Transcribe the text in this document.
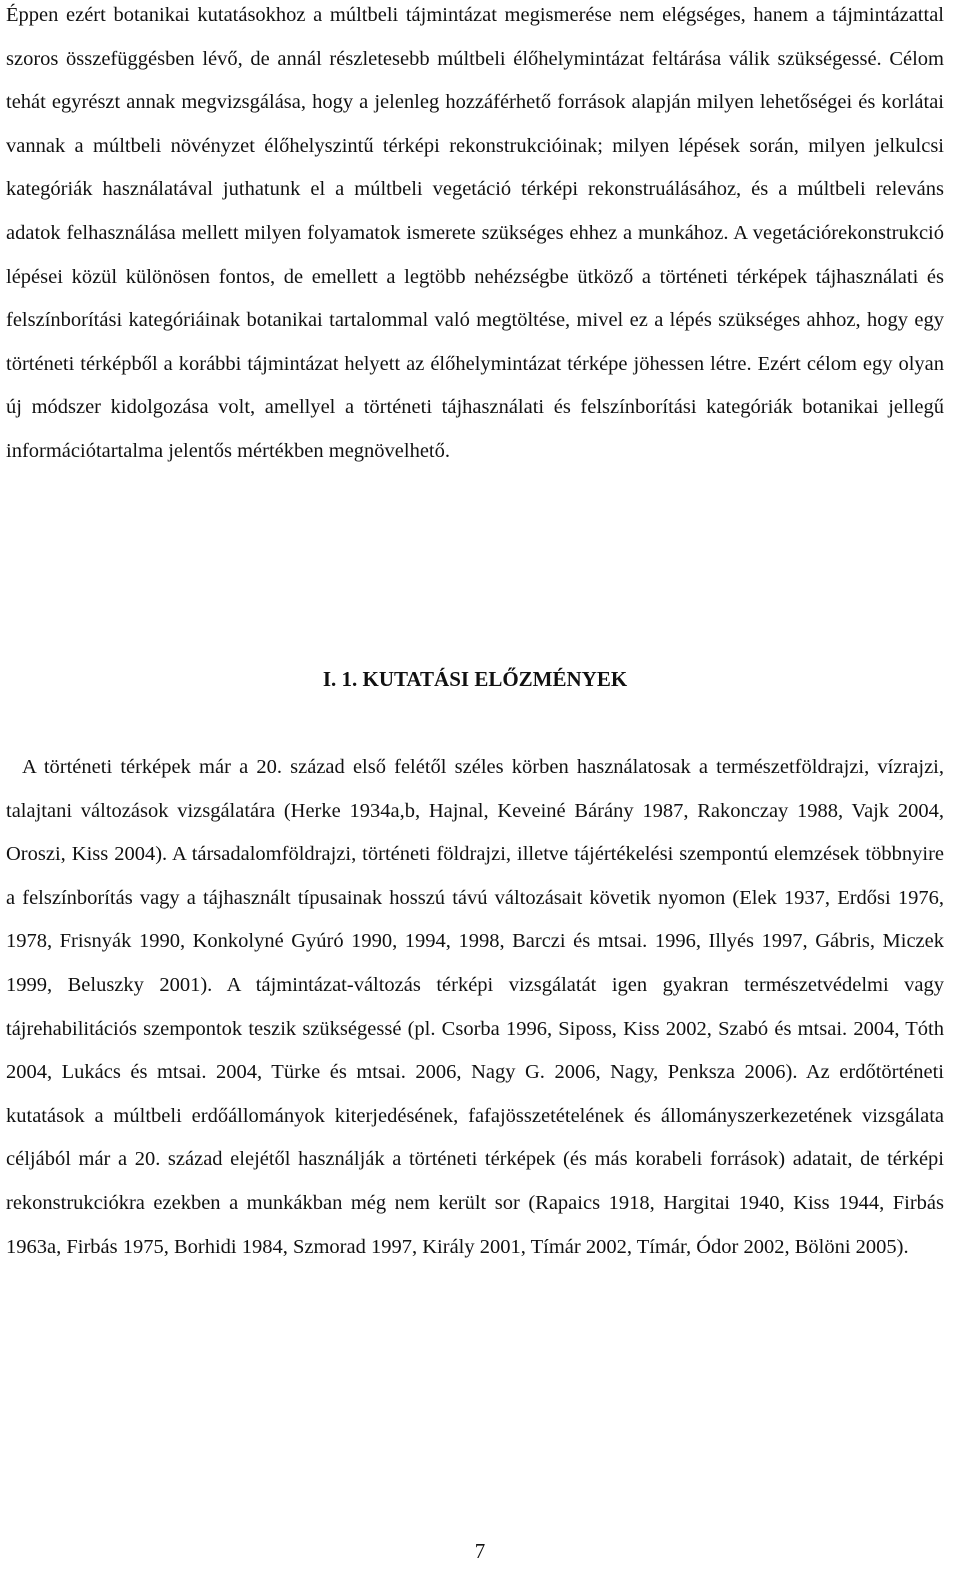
Éppen ezért botanikai kutatásokhoz a múltbeli tájmintázat megismerése nem elégséges, hanem a tájmintázattal szoros összefüggésben lévő, de annál részletesebb múltbeli élőhelymintázat feltárása válik szükségessé. Célom tehát egyrészt annak megvizsgálása, hogy a jelenleg hozzáférhető források alapján milyen lehetőségei és korlátai vannak a múltbeli növényzet élőhelyszintű térképi rekonstrukcióinak; milyen lépések során, milyen jelkulcsi kategóriák használatával juthatunk el a múltbeli vegetáció térképi rekonstruálásához, és a múltbeli releváns adatok felhasználása mellett milyen folyamatok ismerete szükséges ehhez a munkához. A vegetációrekonstrukció lépései közül különösen fontos, de emellett a legtöbb nehézségbe ütköző a történeti térképek tájhasználati és felszínborítási kategóriáinak botanikai tartalommal való megtöltése, mivel ez a lépés szükséges ahhoz, hogy egy történeti térképből a korábbi tájmintázat helyett az élőhelymintázat térképe jöhessen létre. Ezért célom egy olyan új módszer kidolgozása volt, amellyel a történeti tájhasználati és felszínborítási kategóriák botanikai jellegű információtartalma jelentős mértékben megnövelhető.

I. 1. KUTATÁSI ELŐZMÉNYEK

A történeti térképek már a 20. század első felétől széles körben használatosak a természetföldrajzi, vízrajzi, talajtani változások vizsgálatára (Herke 1934a,b, Hajnal, Keveiné Bárány 1987, Rakonczay 1988, Vajk 2004, Oroszi, Kiss 2004). A társadalomföldrajzi, történeti földrajzi, illetve tájértékelési szempontú elemzések többnyire a felszínborítás vagy a tájhasznált típusainak hosszú távú változásait követik nyomon (Elek 1937, Erdősi 1976, 1978, Frisnyák 1990, Konkolyné Gyúró 1990, 1994, 1998, Barczi és mtsai. 1996, Illyés 1997, Gábris, Miczek 1999, Beluszky 2001). A tájmintázat-változás térképi vizsgálatát igen gyakran természetvédelmi vagy tájrehabilitációs szempontok teszik szükségessé (pl. Csorba 1996, Siposs, Kiss 2002, Szabó és mtsai. 2004, Tóth 2004, Lukács és mtsai. 2004, Türke és mtsai. 2006, Nagy G. 2006, Nagy, Penksza 2006). Az erdőtörténeti kutatások a múltbeli erdőállományok kiterjedésének, fafajösszetételének és állományszerkezetének vizsgálata céljából már a 20. század elejétől használják a történeti térképek (és más korabeli források) adatait, de térképi rekonstrukciókra ezekben a munkákban még nem került sor (Rapaics 1918, Hargitai 1940, Kiss 1944, Firbás 1963a, Firbás 1975, Borhidi 1984, Szmorad 1997, Király 2001, Tímár 2002, Tímár, Ódor 2002, Bölöni 2005).

7
